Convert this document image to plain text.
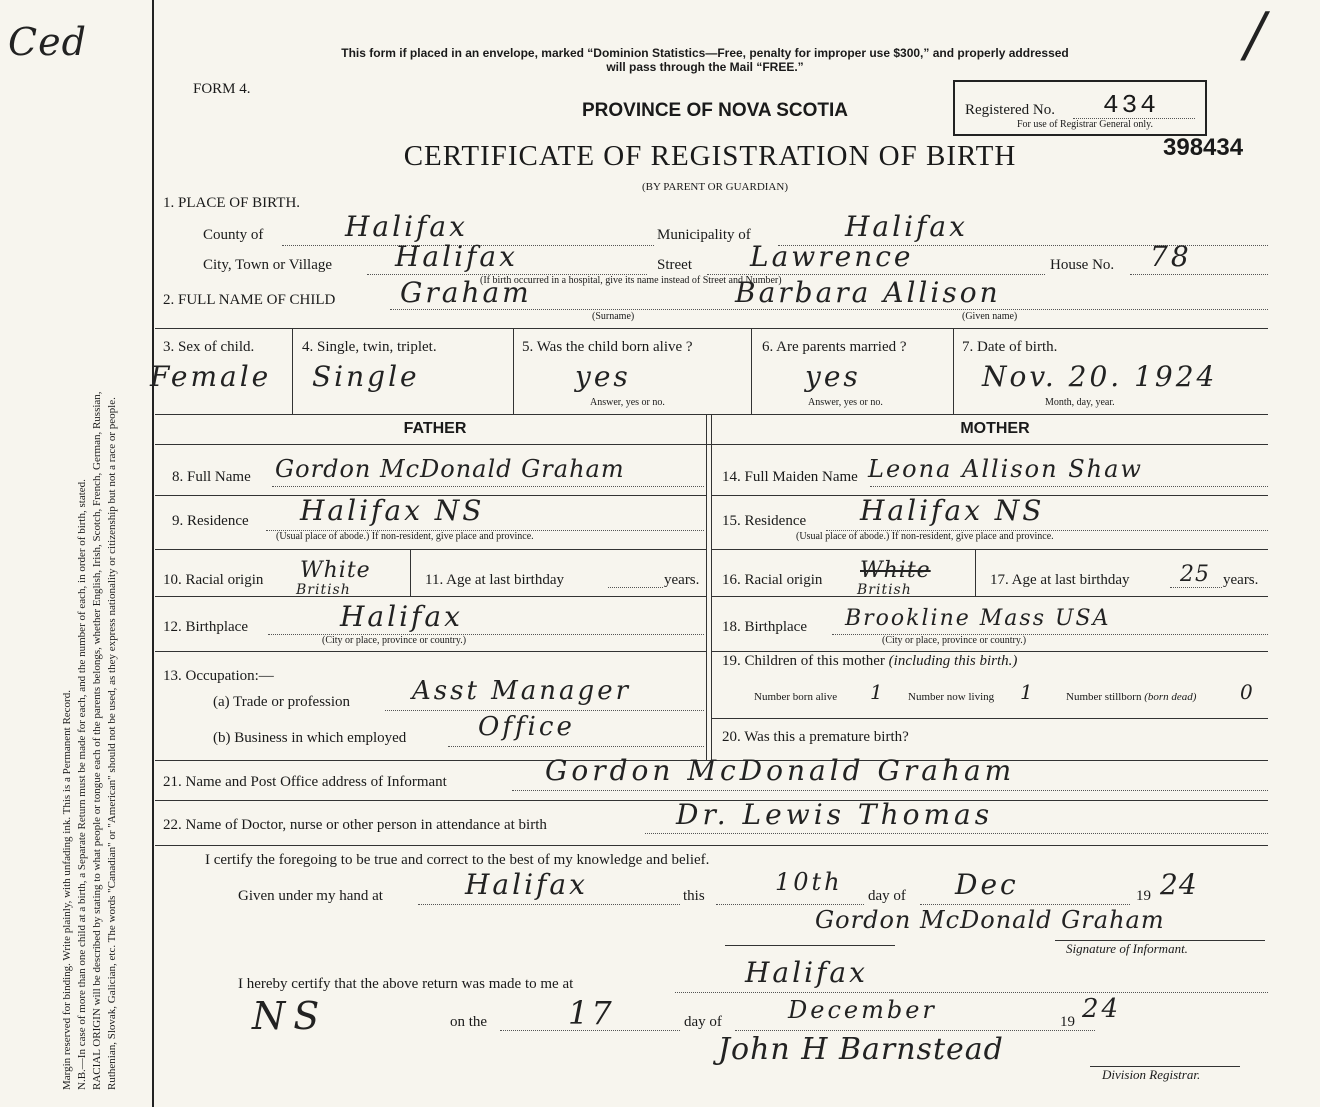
Margin reserved for binding. Write plainly, with unfading ink. This is a Permanent Record. N.B.—In case of more than one child at a birth, a Separate Return must be made for each, and the number of each, in order of birth, stated. RACIAL ORIGIN will be described by stating to what people or tongue each of the parents belongs, whether English, Irish, Scotch, French, German, Russian, Ruthenian, Slovak, Galician, etc. The words "Canadian" or "American" should not be used, as they express nationality or citizenship but not a race or people.
Ced	/
This form if placed in an envelope, marked “Dominion Statistics—Free, penalty for improper use $300,” and properly addressed
will pass through the Mail “FREE.”
FORM 4.
PROVINCE OF NOVA SCOTIA
CERTIFICATE OF REGISTRATION OF BIRTH
(BY PARENT OR GUARDIAN)
Registered No. 434
For use of Registrar General only.
398434
1. PLACE OF BIRTH.
County of	Halifax	Municipality of	Halifax
City, Town or Village Halifax	Street Lawrence	House No. 78
(If birth occurred in a hospital, give its name instead of Street and Number)
2. FULL NAME OF CHILD Graham	Barbara Allison
(Surname)	(Given name)
3. Sex of child.
Female
4. Single, twin, triplet.
Single
5. Was the child born alive ?
yes
Answer, yes or no.
6. Are parents married ?
yes
Answer, yes or no.
7. Date of birth.
Nov. 20. 1924
Month, day, year.
FATHER	MOTHER
8. Full Name Gordon McDonald Graham
9. Residence Halifax NS
(Usual place of abode.) If non-resident, give place and province.
10. Racial origin White
British
11. Age at last birthday	years.
12. Birthplace	Halifax
(City or place, province or country.)
13. Occupation:—
(a) Trade or profession Asst Manager
(b) Business in which employed	Office
14. Full Maiden Name Leona Allison Shaw
15. Residence Halifax NS
(Usual place of abode.) If non-resident, give place and province.
16. Racial origin White
British
17. Age at last birthday 25 years.
18. Birthplace Brookline Mass USA
(City or place, province or country.)
19. Children of this mother (including this birth.)
Number born alive 1 Number now living 1	Number stillborn (born dead) 0
20. Was this a premature birth?
21. Name and Post Office address of Informant	Gordon McDonald Graham
22. Name of Doctor, nurse or other person in attendance at birth	Dr. Lewis Thomas
I certify the foregoing to be true and correct to the best of my knowledge and belief.
Given under my hand at	Halifax	this	10th day of Dec	19 24
Gordon McDonald Graham
Signature of Informant.
I hereby certify that the above return was made to me at	Halifax
NS	on the	17	day of	December	19 24
John H Barnstead
Division Registrar.
